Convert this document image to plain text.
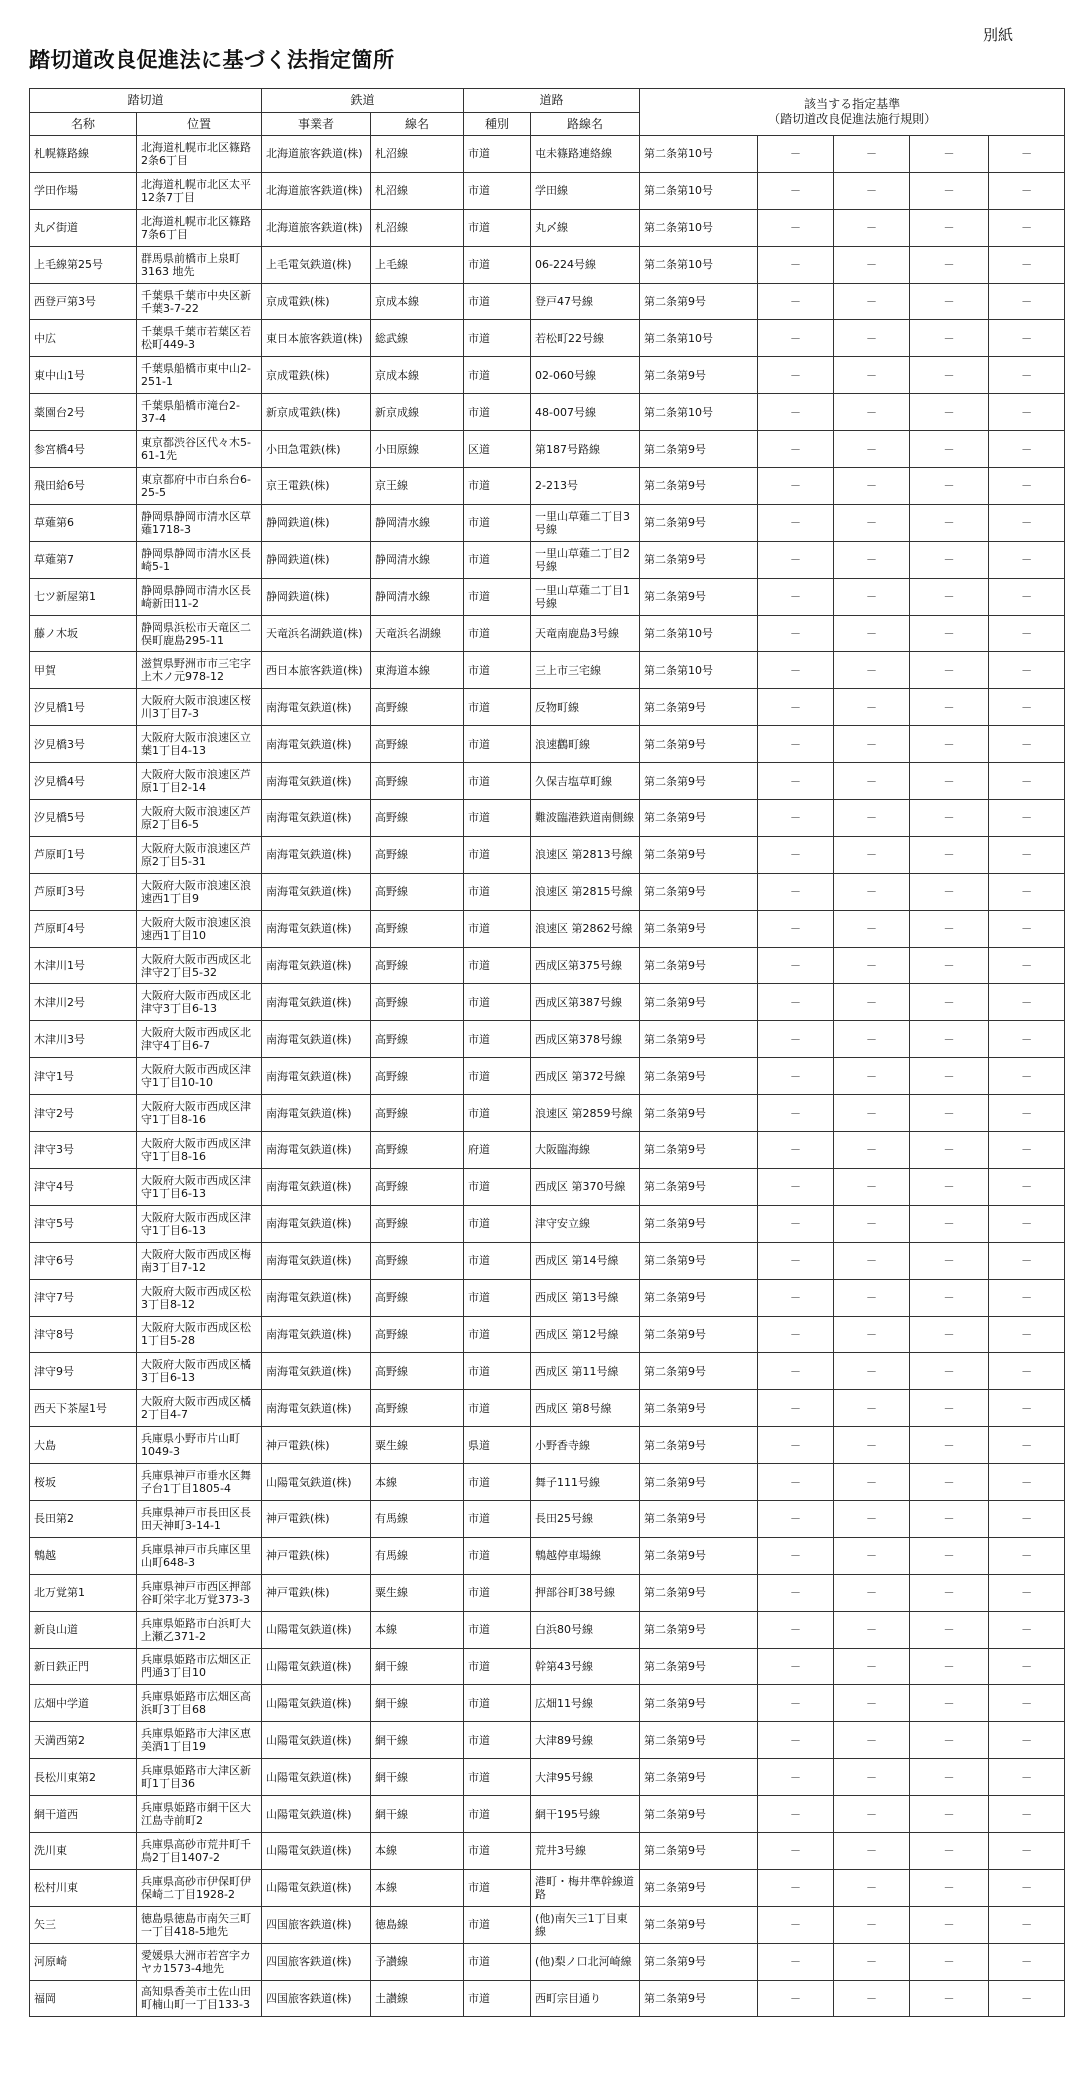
別紙
踏切道改良促進法に基づく法指定箇所
踏切道		鉄道		道路		該当する指定基準
（踏切道改良促進法施行規則）				
名称	位置	事業者	線名	種別	路線名					
札幌篠路線	北海道札幌市北区篠路2条6丁目	北海道旅客鉄道(株)	札沼線	市道	屯未篠路連絡線	第二条第10号	－	－	－	－
学田作場	北海道札幌市北区太平12条7丁目	北海道旅客鉄道(株)	札沼線	市道	学田線	第二条第10号	－	－	－	－
丸〆街道	北海道札幌市北区篠路7条6丁目	北海道旅客鉄道(株)	札沼線	市道	丸〆線	第二条第10号	－	－	－	－
上毛線第25号	群馬県前橋市上泉町3163 地先	上毛電気鉄道(株)	上毛線	市道	06-224号線	第二条第10号	－	－	－	－
西登戸第3号	千葉県千葉市中央区新千葉3-7-22	京成電鉄(株)	京成本線	市道	登戸47号線	第二条第9号	－	－	－	－
中広	千葉県千葉市若葉区若松町449-3	東日本旅客鉄道(株)	総武線	市道	若松町22号線	第二条第10号	－	－	－	－
東中山1号	千葉県船橋市東中山2-251-1	京成電鉄(株)	京成本線	市道	02-060号線	第二条第9号	－	－	－	－
薬園台2号	千葉県船橋市滝台2-37-4	新京成電鉄(株)	新京成線	市道	48-007号線	第二条第10号	－	－	－	－
参宮橋4号	東京都渋谷区代々木5-61-1先	小田急電鉄(株)	小田原線	区道	第187号路線	第二条第9号	－	－	－	－
飛田給6号	東京都府中市白糸台6-25-5	京王電鉄(株)	京王線	市道	2-213号	第二条第9号	－	－	－	－
草薙第6	静岡県静岡市清水区草薙1718-3	静岡鉄道(株)	静岡清水線	市道	一里山草薙二丁目3号線	第二条第9号	－	－	－	－
草薙第7	静岡県静岡市清水区長崎5-1	静岡鉄道(株)	静岡清水線	市道	一里山草薙二丁目2号線	第二条第9号	－	－	－	－
七ツ新屋第1	静岡県静岡市清水区長崎新田11-2	静岡鉄道(株)	静岡清水線	市道	一里山草薙二丁目1号線	第二条第9号	－	－	－	－
藤ノ木坂	静岡県浜松市天竜区二俣町鹿島295-11	天竜浜名湖鉄道(株)	天竜浜名湖線	市道	天竜南鹿島3号線	第二条第10号	－	－	－	－
甲賀	滋賀県野洲市市三宅字上木ノ元978-12	西日本旅客鉄道(株)	東海道本線	市道	三上市三宅線	第二条第10号	－	－	－	－
汐見橋1号	大阪府大阪市浪速区桜川3丁目7-3	南海電気鉄道(株)	高野線	市道	反物町線	第二条第9号	－	－	－	－
汐見橋3号	大阪府大阪市浪速区立葉1丁目4-13	南海電気鉄道(株)	高野線	市道	浪速鸛町線	第二条第9号	－	－	－	－
汐見橋4号	大阪府大阪市浪速区芦原1丁目2-14	南海電気鉄道(株)	高野線	市道	久保吉塩草町線	第二条第9号	－	－	－	－
汐見橋5号	大阪府大阪市浪速区芦原2丁目6-5	南海電気鉄道(株)	高野線	市道	難波臨港鉄道南側線	第二条第9号	－	－	－	－
芦原町1号	大阪府大阪市浪速区芦原2丁目5-31	南海電気鉄道(株)	高野線	市道	浪速区 第2813号線	第二条第9号	－	－	－	－
芦原町3号	大阪府大阪市浪速区浪速西1丁目9	南海電気鉄道(株)	高野線	市道	浪速区 第2815号線	第二条第9号	－	－	－	－
芦原町4号	大阪府大阪市浪速区浪速西1丁目10	南海電気鉄道(株)	高野線	市道	浪速区 第2862号線	第二条第9号	－	－	－	－
木津川1号	大阪府大阪市西成区北津守2丁目5-32	南海電気鉄道(株)	高野線	市道	西成区第375号線	第二条第9号	－	－	－	－
木津川2号	大阪府大阪市西成区北津守3丁目6-13	南海電気鉄道(株)	高野線	市道	西成区第387号線	第二条第9号	－	－	－	－
木津川3号	大阪府大阪市西成区北津守4丁目6-7	南海電気鉄道(株)	高野線	市道	西成区第378号線	第二条第9号	－	－	－	－
津守1号	大阪府大阪市西成区津守1丁目10-10	南海電気鉄道(株)	高野線	市道	西成区 第372号線	第二条第9号	－	－	－	－
津守2号	大阪府大阪市西成区津守1丁目8-16	南海電気鉄道(株)	高野線	市道	浪速区 第2859号線	第二条第9号	－	－	－	－
津守3号	大阪府大阪市西成区津守1丁目8-16	南海電気鉄道(株)	高野線	府道	大阪臨海線	第二条第9号	－	－	－	－
津守4号	大阪府大阪市西成区津守1丁目6-13	南海電気鉄道(株)	高野線	市道	西成区 第370号線	第二条第9号	－	－	－	－
津守5号	大阪府大阪市西成区津守1丁目6-13	南海電気鉄道(株)	高野線	市道	津守安立線	第二条第9号	－	－	－	－
津守6号	大阪府大阪市西成区梅南3丁目7-12	南海電気鉄道(株)	高野線	市道	西成区 第14号線	第二条第9号	－	－	－	－
津守7号	大阪府大阪市西成区松3丁目8-12	南海電気鉄道(株)	高野線	市道	西成区 第13号線	第二条第9号	－	－	－	－
津守8号	大阪府大阪市西成区松1丁目5-28	南海電気鉄道(株)	高野線	市道	西成区 第12号線	第二条第9号	－	－	－	－
津守9号	大阪府大阪市西成区橘3丁目6-13	南海電気鉄道(株)	高野線	市道	西成区 第11号線	第二条第9号	－	－	－	－
西天下茶屋1号	大阪府大阪市西成区橘2丁目4-7	南海電気鉄道(株)	高野線	市道	西成区 第8号線	第二条第9号	－	－	－	－
大島	兵庫県小野市片山町1049-3	神戸電鉄(株)	粟生線	県道	小野香寺線	第二条第9号	－	－	－	－
桜坂	兵庫県神戸市垂水区舞子台1丁目1805-4	山陽電気鉄道(株)	本線	市道	舞子111号線	第二条第9号	－	－	－	－
長田第2	兵庫県神戸市長田区長田天神町3-14-1	神戸電鉄(株)	有馬線	市道	長田25号線	第二条第9号	－	－	－	－
鵯越	兵庫県神戸市兵庫区里山町648-3	神戸電鉄(株)	有馬線	市道	鵯越停車場線	第二条第9号	－	－	－	－
北万覚第1	兵庫県神戸市西区押部谷町栄字北万覚373-3	神戸電鉄(株)	粟生線	市道	押部谷町38号線	第二条第9号	－	－	－	－
新良山道	兵庫県姫路市白浜町大上瀬乙371-2	山陽電気鉄道(株)	本線	市道	白浜80号線	第二条第9号	－	－	－	－
新日鉄正門	兵庫県姫路市広畑区正門通3丁目10	山陽電気鉄道(株)	網干線	市道	幹第43号線	第二条第9号	－	－	－	－
広畑中学道	兵庫県姫路市広畑区高浜町3丁目68	山陽電気鉄道(株)	網干線	市道	広畑11号線	第二条第9号	－	－	－	－
天満西第2	兵庫県姫路市大津区恵美酒1丁目19	山陽電気鉄道(株)	網干線	市道	大津89号線	第二条第9号	－	－	－	－
長松川東第2	兵庫県姫路市大津区新町1丁目36	山陽電気鉄道(株)	網干線	市道	大津95号線	第二条第9号	－	－	－	－
網干道西	兵庫県姫路市網干区大江島寺前町2	山陽電気鉄道(株)	網干線	市道	網干195号線	第二条第9号	－	－	－	－
洗川東	兵庫県高砂市荒井町千鳥2丁目1407-2	山陽電気鉄道(株)	本線	市道	荒井3号線	第二条第9号	－	－	－	－
松村川東	兵庫県高砂市伊保町伊保崎二丁目1928-2	山陽電気鉄道(株)	本線	市道	港町・梅井準幹線道路	第二条第9号	－	－	－	－
矢三	徳島県徳島市南矢三町一丁目418-5地先	四国旅客鉄道(株)	徳島線	市道	(他)南矢三1丁目東線	第二条第9号	－	－	－	－
河原崎	愛媛県大洲市若宮字カヤカ1573-4地先	四国旅客鉄道(株)	予讃線	市道	(他)梨ノ口北河崎線	第二条第9号	－	－	－	－
福岡	高知県香美市土佐山田町楠山町一丁目133-3	四国旅客鉄道(株)	土讃線	市道	西町宗目通り	第二条第9号	－	－	－	－
